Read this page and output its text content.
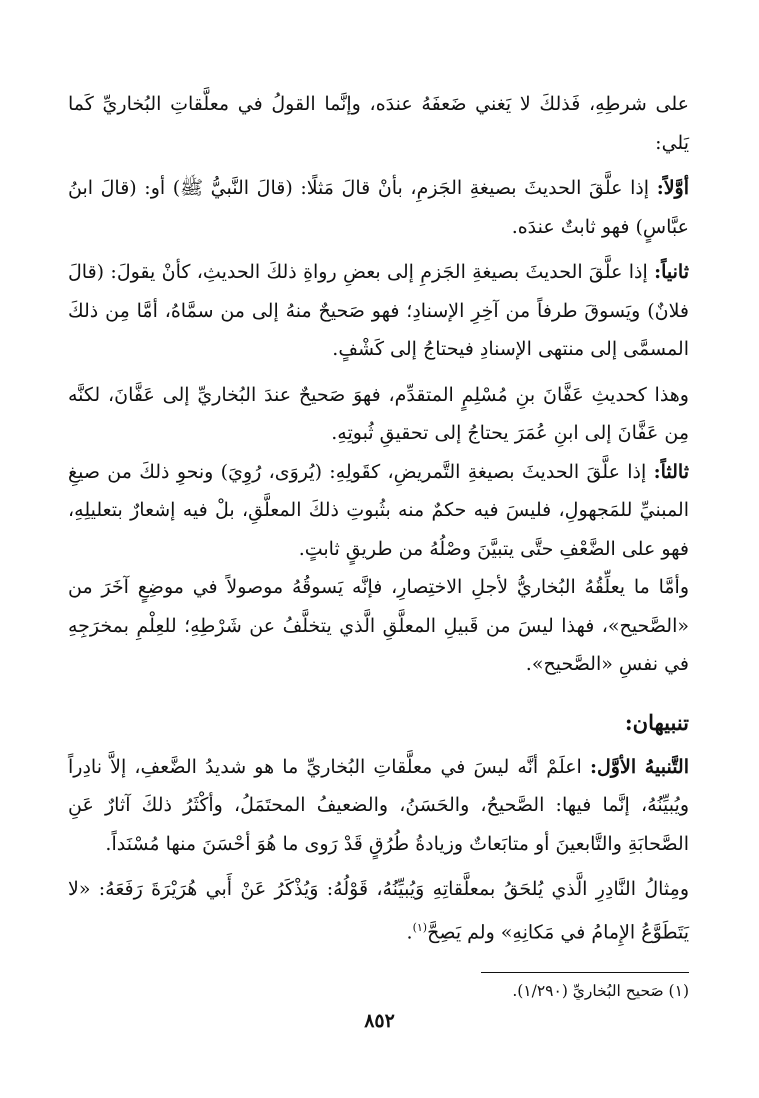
على شرطِهِ، فَذلكَ لا يَغني ضَعفَهُ عندَه، وإنَّما القولُ في معلَّقاتِ البُخاريِّ كَما يَلي:

أوَّلاً: إذا علَّقَ الحديثَ بصيغةِ الجَزمِ، بأنْ قالَ مَثلًا: (قالَ النَّبيُّ ﷺ) أو: (قالَ ابنُ عبَّاسٍ) فهو ثابتٌ عندَه.

ثانياً: إذا علَّقَ الحديثَ بصيغةِ الجَزمِ إلى بعضِ رواةِ ذلكَ الحديثِ، كأنْ يقولَ: (قالَ فلانٌ) ويَسوقَ طرفاً من آخِرِ الإسنادِ؛ فهو صَحيحٌ منهُ إلى من سمَّاهُ، أمَّا مِن ذلكَ المسمَّى إلى منتهى الإسنادِ فيحتاجُ إلى كَشْفٍ.

وهذا كحديثِ عَفَّانَ بنِ مُسْلِمٍ المتقدِّم، فهوَ صَحيحٌ عندَ البُخاريِّ إلى عَفَّانَ، لكنَّه مِن عَفَّانَ إلى ابنِ عُمَرَ يحتاجُ إلى تحقيقِ ثُبوتِهِ.

ثالثاً: إذا علَّقَ الحديثَ بصيغةِ التَّمريضِ، كقَولِهِ: (يُروَى، رُوِيَ) ونحوِ ذلكَ من صيغِ المبنيِّ للمَجهولِ، فليسَ فيه حكمٌ منه بثُبوتِ ذلكَ المعلَّقِ، بلْ فيه إشعارٌ بتعليلِهِ، فهو على الضَّعْفِ حتَّى يتبيَّنَ وصْلُهُ من طريقٍ ثابتٍ.

وأمَّا ما يعلِّقُهُ البُخاريُّ لأجلِ الاختِصارِ، فإنَّه يَسوقُهُ موصولاً في موضِعٍ آخَرَ من «الصَّحيح»، فهذا ليسَ من قَبيلِ المعلَّقِ الَّذي يتخلَّفُ عن شَرْطِهِ؛ للعِلْمِ بمخرَجِهِ في نفسِ «الصَّحيح».

تنبيهان:

التَّنبيهُ الأوَّل: اعلَمْ أنَّه ليسَ في معلَّقاتِ البُخاريِّ ما هو شديدُ الضَّعفِ، إلاَّ نادِراً ويُبيِّنُهُ، إنَّما فيها: الصَّحيحُ، والحَسَنُ، والضعيفُ المحتَمَلُ، وأكْثَرُ ذلكَ آثارٌ عَنِ الصَّحابَةِ والتَّابعينَ أو متابَعاتٌ وزيادةُ طُرُقٍ قَدْ رَوى ما هُوَ أحْسَنَ منها مُسْنَداً.

ومِثالُ النَّادِرِ الَّذي يُلحَقُ بمعلَّقاتِهِ وَيُبيِّنُهُ، قَوْلُهُ: وَيُذْكَرُ عَنْ أَبي هُرَيْرَةَ رَفَعَهُ: «لا يَتَطَوَّعُ الإِمامُ في مَكانِهِ» ولم يَصِحَّ$^{(١)}$.

(١) صَحيح البُخاريِّ (١/٢٩٠).
٨٥٢
